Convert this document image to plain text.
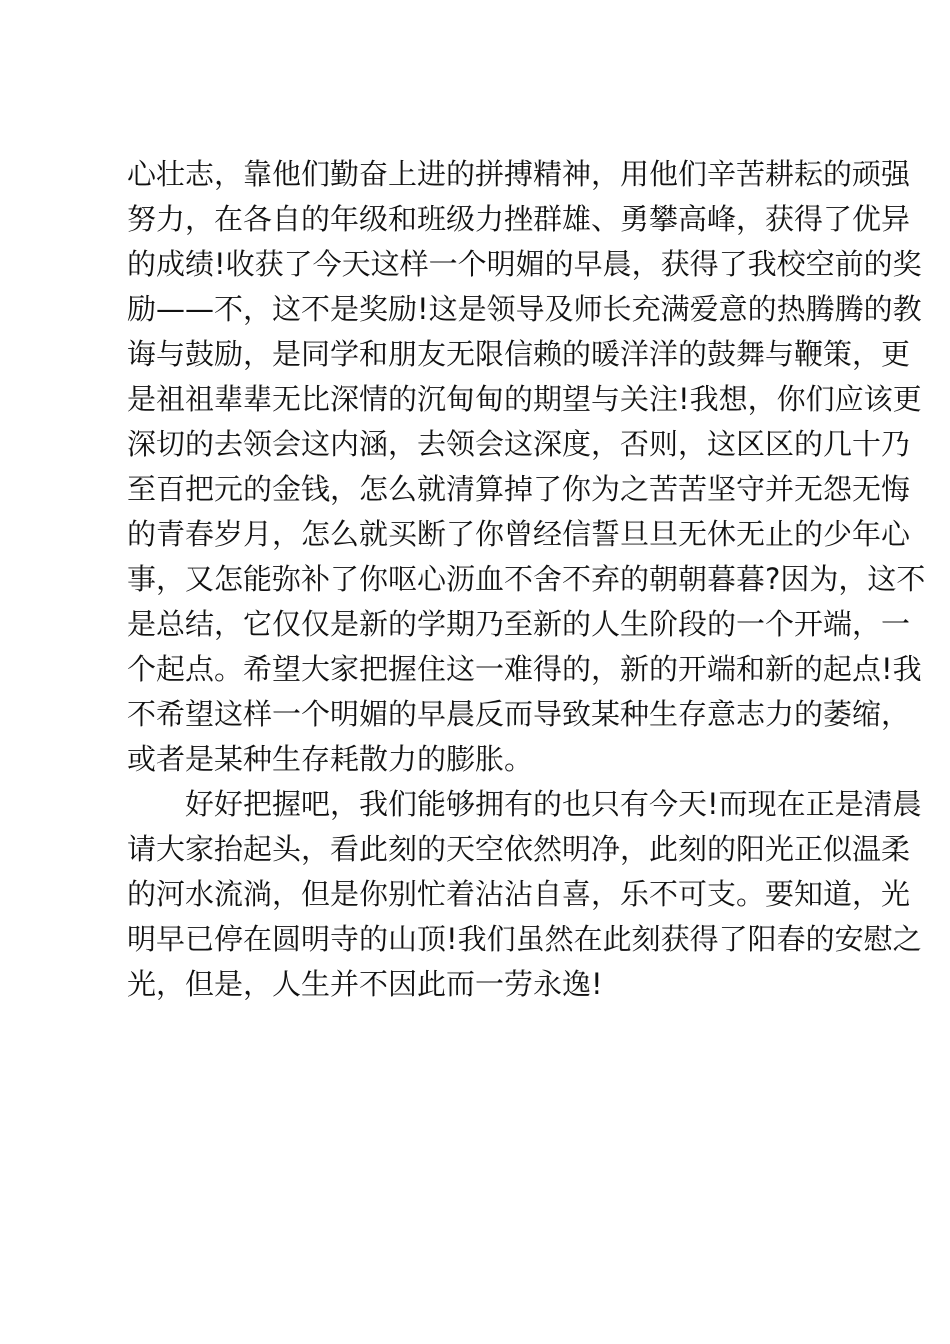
心壮志，靠他们勤奋上进的拼搏精神，用他们辛苦耕耘的顽强
努力，在各自的年级和班级力挫群雄、勇攀高峰，获得了优异
的成绩!收获了今天这样一个明媚的早晨，获得了我校空前的奖
励——不，这不是奖励!这是领导及师长充满爱意的热腾腾的教
诲与鼓励，是同学和朋友无限信赖的暖洋洋的鼓舞与鞭策，更
是祖祖辈辈无比深情的沉甸甸的期望与关注!我想，你们应该更
深切的去领会这内涵，去领会这深度，否则，这区区的几十乃
至百把元的金钱，怎么就清算掉了你为之苦苦坚守并无怨无悔
的青春岁月，怎么就买断了你曾经信誓旦旦无休无止的少年心
事，又怎能弥补了你呕心沥血不舍不弃的朝朝暮暮?因为，这不
是总结，它仅仅是新的学期乃至新的人生阶段的一个开端，一
个起点。希望大家把握住这一难得的，新的开端和新的起点!我
不希望这样一个明媚的早晨反而导致某种生存意志力的萎缩，
或者是某种生存耗散力的膨胀。
好好把握吧，我们能够拥有的也只有今天!而现在正是清晨
请大家抬起头，看此刻的天空依然明净，此刻的阳光正似温柔
的河水流淌，但是你别忙着沾沾自喜，乐不可支。要知道，光
明早已停在圆明寺的山顶!我们虽然在此刻获得了阳春的安慰之
光，但是，人生并不因此而一劳永逸!
